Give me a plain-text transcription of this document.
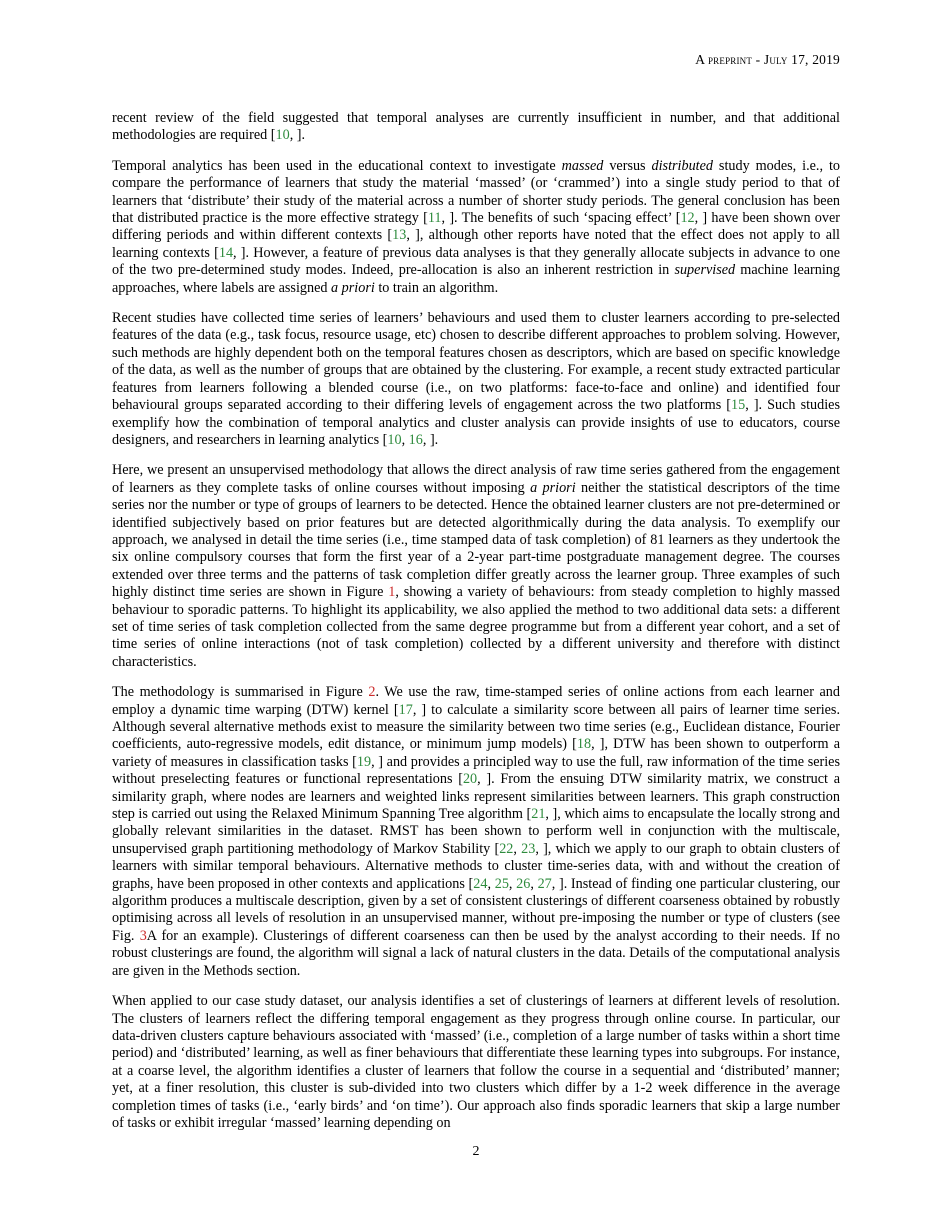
A preprint - July 17, 2019

recent review of the field suggested that temporal analyses are currently insufficient in number, and that additional methodologies are required [10, ].

Temporal analytics has been used in the educational context to investigate massed versus distributed study modes, i.e., to compare the performance of learners that study the material ‘massed’ (or ‘crammed’) into a single study period to that of learners that ‘distribute’ their study of the material across a number of shorter study periods. The general conclusion has been that distributed practice is the more effective strategy [11, ]. The benefits of such ‘spacing effect’ [12, ] have been shown over differing periods and within different contexts [13, ], although other reports have noted that the effect does not apply to all learning contexts [14, ]. However, a feature of previous data analyses is that they generally allocate subjects in advance to one of the two pre-determined study modes. Indeed, pre-allocation is also an inherent restriction in supervised machine learning approaches, where labels are assigned a priori to train an algorithm.

Recent studies have collected time series of learners’ behaviours and used them to cluster learners according to pre-selected features of the data (e.g., task focus, resource usage, etc) chosen to describe different approaches to problem solving. However, such methods are highly dependent both on the temporal features chosen as descriptors, which are based on specific knowledge of the data, as well as the number of groups that are obtained by the clustering. For example, a recent study extracted particular features from learners following a blended course (i.e., on two platforms: face-to-face and online) and identified four behavioural groups separated according to their differing levels of engagement across the two platforms [15, ]. Such studies exemplify how the combination of temporal analytics and cluster analysis can provide insights of use to educators, course designers, and researchers in learning analytics [10, 16, ].

Here, we present an unsupervised methodology that allows the direct analysis of raw time series gathered from the engagement of learners as they complete tasks of online courses without imposing a priori neither the statistical descriptors of the time series nor the number or type of groups of learners to be detected. Hence the obtained learner clusters are not pre-determined or identified subjectively based on prior features but are detected algorithmically during the data analysis. To exemplify our approach, we analysed in detail the time series (i.e., time stamped data of task completion) of 81 learners as they undertook the six online compulsory courses that form the first year of a 2-year part-time postgraduate management degree. The courses extended over three terms and the patterns of task completion differ greatly across the learner group. Three examples of such highly distinct time series are shown in Figure 1, showing a variety of behaviours: from steady completion to highly massed behaviour to sporadic patterns. To highlight its applicability, we also applied the method to two additional data sets: a different set of time series of task completion collected from the same degree programme but from a different year cohort, and a set of time series of online interactions (not of task completion) collected by a different university and therefore with distinct characteristics.

The methodology is summarised in Figure 2. We use the raw, time-stamped series of online actions from each learner and employ a dynamic time warping (DTW) kernel [17, ] to calculate a similarity score between all pairs of learner time series. Although several alternative methods exist to measure the similarity between two time series (e.g., Euclidean distance, Fourier coefficients, auto-regressive models, edit distance, or minimum jump models) [18, ], DTW has been shown to outperform a variety of measures in classification tasks [19, ] and provides a principled way to use the full, raw information of the time series without preselecting features or functional representations [20, ]. From the ensuing DTW similarity matrix, we construct a similarity graph, where nodes are learners and weighted links represent similarities between learners. This graph construction step is carried out using the Relaxed Minimum Spanning Tree algorithm [21, ], which aims to encapsulate the locally strong and globally relevant similarities in the dataset. RMST has been shown to perform well in conjunction with the multiscale, unsupervised graph partitioning methodology of Markov Stability [22, 23, ], which we apply to our graph to obtain clusters of learners with similar temporal behaviours. Alternative methods to cluster time-series data, with and without the creation of graphs, have been proposed in other contexts and applications [24, 25, 26, 27, ]. Instead of finding one particular clustering, our algorithm produces a multiscale description, given by a set of consistent clusterings of different coarseness obtained by robustly optimising across all levels of resolution in an unsupervised manner, without pre-imposing the number or type of clusters (see Fig. 3A for an example). Clusterings of different coarseness can then be used by the analyst according to their needs. If no robust clusterings are found, the algorithm will signal a lack of natural clusters in the data. Details of the computational analysis are given in the Methods section.

When applied to our case study dataset, our analysis identifies a set of clusterings of learners at different levels of resolution. The clusters of learners reflect the differing temporal engagement as they progress through online course. In particular, our data-driven clusters capture behaviours associated with ‘massed’ (i.e., completion of a large number of tasks within a short time period) and ‘distributed’ learning, as well as finer behaviours that differentiate these learning types into subgroups. For instance, at a coarse level, the algorithm identifies a cluster of learners that follow the course in a sequential and ‘distributed’ manner; yet, at a finer resolution, this cluster is sub-divided into two clusters which differ by a 1-2 week difference in the average completion times of tasks (i.e., ‘early birds’ and ‘on time’). Our approach also finds sporadic learners that skip a large number of tasks or exhibit irregular ‘massed’ learning depending on

2
